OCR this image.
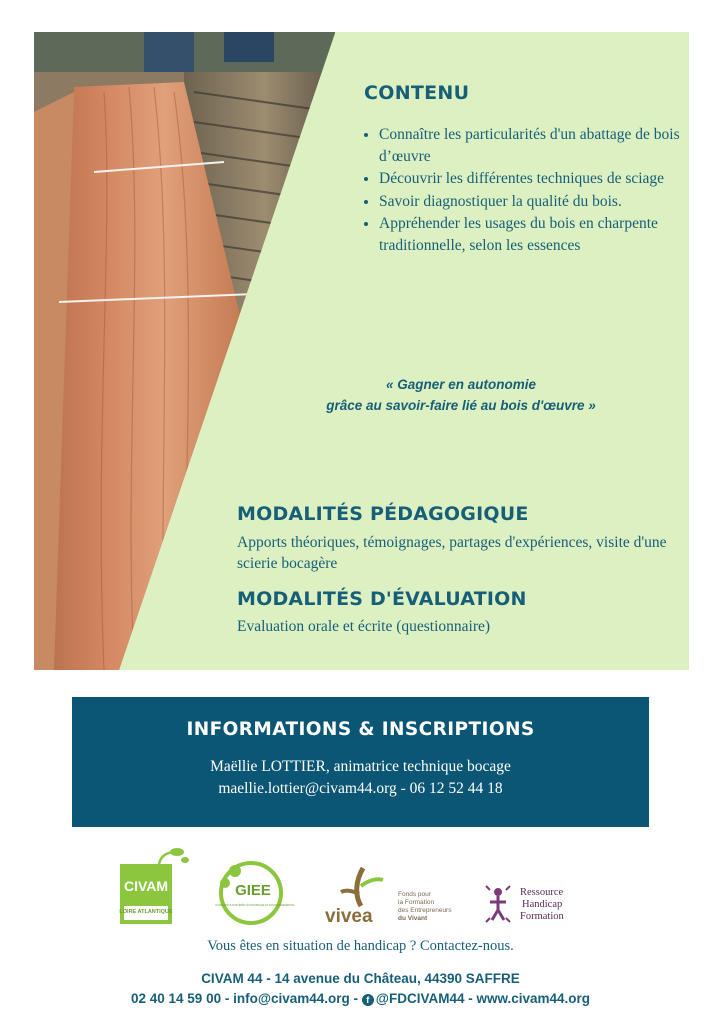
CONTENU
• Connaître les particularités d'un abattage de bois d’œuvre
• Découvrir les différentes techniques de sciage
• Savoir diagnostiquer la qualité du bois.
• Appréhender les usages du bois en charpente traditionnelle, selon les essences

« Gagner en autonomie
grâce au savoir-faire lié au bois d'œuvre »

MODALITÉS PÉDAGOGIQUE

Apports théoriques, témoignages, partages d'expériences, visite d'une scierie bocagère

MODALITÉS D'ÉVALUATION

Evaluation orale et écrite (questionnaire)

INFORMATIONS & INSCRIPTIONS

Maëllie LOTTIER, animatrice technique bocage

maellie.lottier@civam44.org - 06 12 52 44 18

CIVAM
LOIRE ATLANTIQUE
GIEE
GROUPEMENTS D'INTÉRÊT ÉCONOMIQUE ET ENVIRONNEMENTAL
vivea
Fonds pour
la Formation
des Entrepreneurs
du Vivant
Ressource
Handicap
Formation

Vous êtes en situation de handicap ? Contactez-nous.

CIVAM 44 - 14 avenue du Château, 44390 SAFFRE

02 40 14 59 00 - info@civam44.org - f @FDCIVAM44 - www.civam44.org
